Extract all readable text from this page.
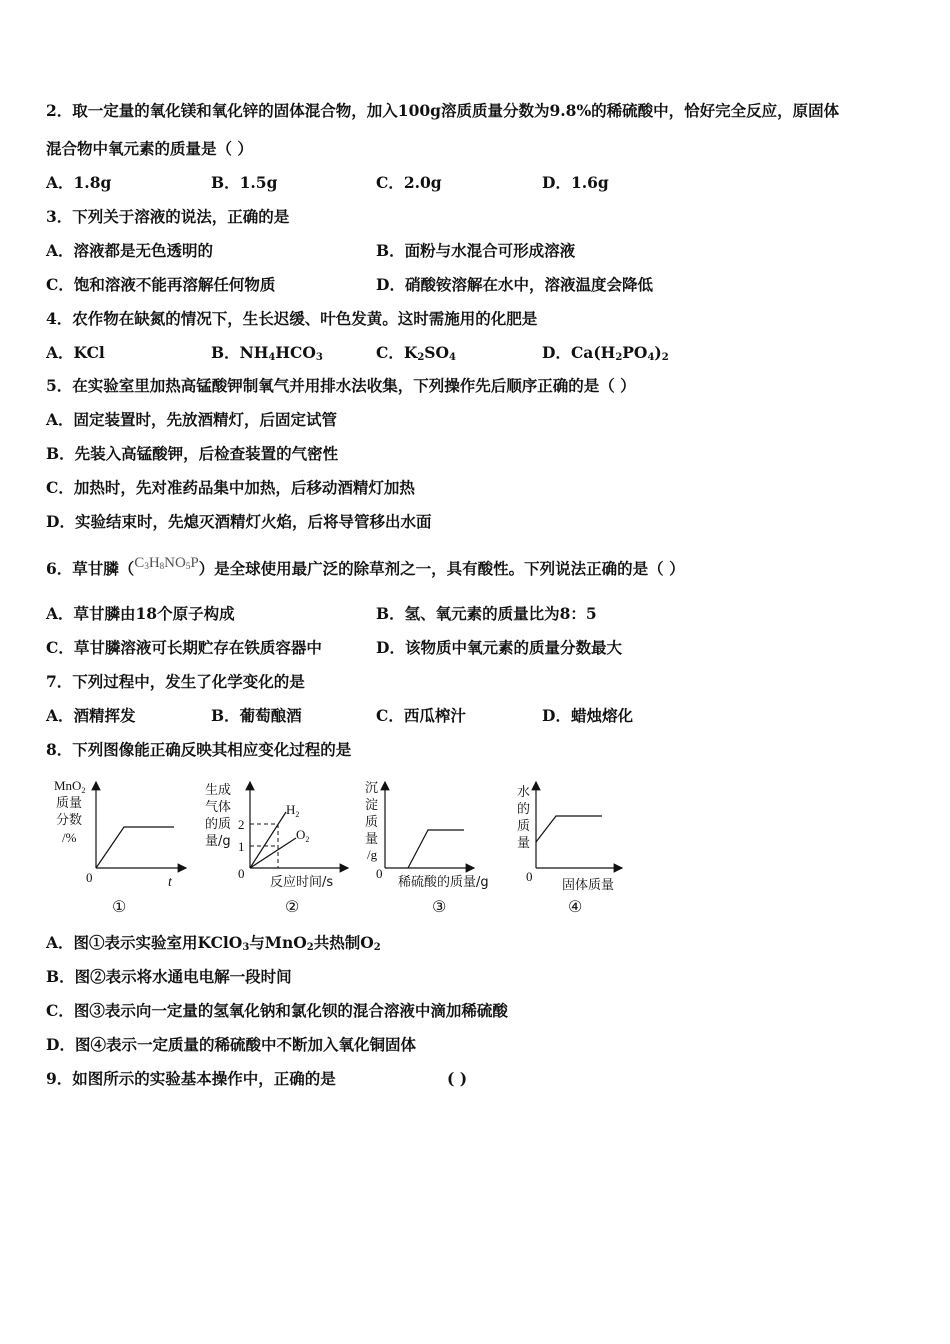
2．取一定量的氧化镁和氧化锌的固体混合物，加入100g溶质质量分数为9.8%的稀硫酸中，恰好完全反应，原固体
混合物中氧元素的质量是（ ）
A．1.8g	B．1.5g	C．2.0g	D．1.6g
3．下列关于溶液的说法，正确的是
A．溶液都是无色透明的	B．面粉与水混合可形成溶液
C．饱和溶液不能再溶解任何物质	D．硝酸铵溶解在水中，溶液温度会降低
4．农作物在缺氮的情况下，生长迟缓、叶色发黄。这时需施用的化肥是
A．KCl	B．$NH_4HCO_3$	C．$K_2SO_4$	D．$Ca(H_2PO_4)_2$
5．在实验室里加热高锰酸钾制氧气并用排水法收集，下列操作先后顺序正确的是（ ）
A．固定装置时，先放酒精灯，后固定试管
B．先装入高锰酸钾，后检查装置的气密性
C．加热时，先对准药品集中加热，后移动酒精灯加热
D．实验结束时，先熄灭酒精灯火焰，后将导管移出水面
6．草甘膦$(C_3H_8NO_5P)$是全球使用最广泛的除草剂之一，具有酸性。下列说法正确的是（ ）
A．草甘膦由18个原子构成	B．氢、氧元素的质量比为8：5
C．草甘膦溶液可长期贮存在铁质容器中	D．该物质中氧元素的质量分数最大
7．下列过程中，发生了化学变化的是
A．酒精挥发	B．葡萄酿酒	C．西瓜榨汁	D．蜡烛熔化
8．下列图像能正确反映其相应变化过程的是
MnO$_2$
质量
分数
/%
0	t
①
生成
气体
的质
量/g
2
1
$H_2$
$O_2$
0
反应时间/s
②
沉
淀
质
量
/g
0
稀硫酸的质量/g
③
水
的
质
量
0
固体质量
④
A．图①表示实验室用KClO$_3$与MnO$_2$共热制$O_2$
B．图②表示将水通电电解一段时间
C．图③表示向一定量的氢氧化钠和氯化钡的混合溶液中滴加稀硫酸
D．图④表示一定质量的稀硫酸中不断加入氧化铜固体
9．如图所示的实验基本操作中，正确的是	( )
